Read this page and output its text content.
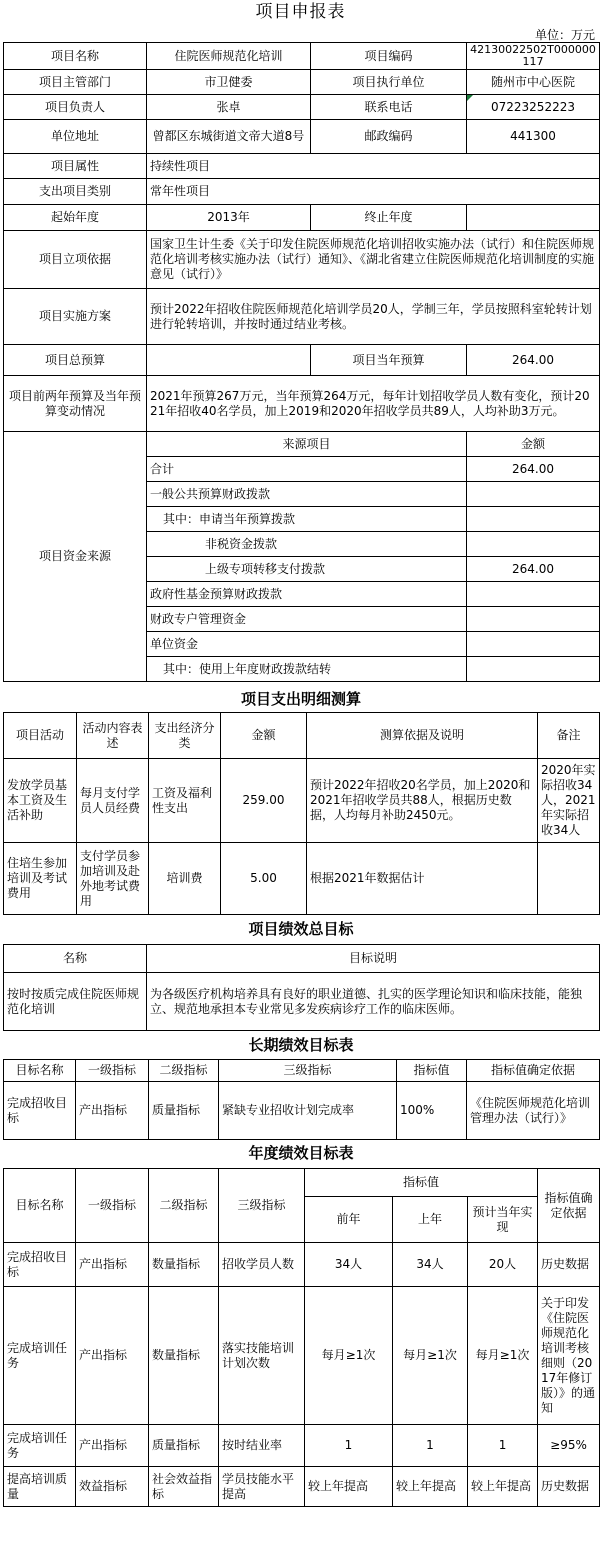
项目申报表
单位：万元
项目名称	住院医师规范化培训	项目编码	42130022502T000000117
项目主管部门	市卫健委	项目执行单位	随州市中心医院
项目负责人	张卓	联系电话	07223252223
单位地址	曾都区东城街道文帝大道8号	邮政编码	441300
项目属性	持续性项目		
支出项目类别	常年性项目		
起始年度	2013年	终止年度	
项目立项依据	国家卫生计生委《关于印发住院医师规范化培训招收实施办法（试行）和住院医师规范化培训考核实施办法（试行）通知》、《湖北省建立住院医师规范化培训制度的实施意见（试行）》		
项目实施方案	预计2022年招收住院医师规范化培训学员20人，学制三年，学员按照科室轮转计划进行轮转培训，并按时通过结业考核。		
项目总预算		项目当年预算	264.00
项目前两年预算及当年预算变动情况	2021年预算267万元，当年预算264万元，每年计划招收学员人数有变化，预计2021年招收40名学员，加上2019和2020年招收学员共89人，人均补助3万元。		
项目资金来源	来源项目		金额
	合计		264.00
	一般公共预算财政拨款		
	其中：申请当年预算拨款		
	非税资金拨款		
	上级专项转移支付拨款		264.00
	政府性基金预算财政拨款		
	财政专户管理资金		
	单位资金		
	其中：使用上年度财政拨款结转		
项目支出明细测算
项目活动	活动内容表述	支出经济分类	金额	测算依据及说明	备注
发放学员基本工资及生活补助	每月支付学员人员经费	工资及福利性支出	259.00	预计2022年招收20名学员，加上2020和2021年招收学员共88人，根据历史数据，人均每月补助2450元。	2020年实际招收34人，2021年实际招收34人
住培生参加培训及考试费用	支付学员参加培训及赴外地考试费用	培训费	5.00	根据2021年数据估计	
项目绩效总目标
名称	目标说明
按时按质完成住院医师规范化培训	为各级医疗机构培养具有良好的职业道德、扎实的医学理论知识和临床技能，能独立、规范地承担本专业常见多发疾病诊疗工作的临床医师。
长期绩效目标表
目标名称	一级指标	二级指标	三级指标	指标值	指标值确定依据
完成招收目标	产出指标	质量指标	紧缺专业招收计划完成率	100%	《住院医师规范化培训管理办法（试行）》
年度绩效目标表
目标名称	一级指标	二级指标	三级指标	指标值			指标值确定依据
				前年	上年	预计当年实现	
完成招收目标	产出指标	数量指标	招收学员人数	34人	34人	20人	历史数据
完成培训任务	产出指标	数量指标	落实技能培训计划次数	每月≥1次	每月≥1次	每月≥1次	关于印发《住院医师规范化培训考核细则（2017年修订版）》的通知
完成培训任务	产出指标	质量指标	按时结业率	1	1	1	≥95%
提高培训质量	效益指标	社会效益指标	学员技能水平提高	较上年提高	较上年提高	较上年提高	历史数据
